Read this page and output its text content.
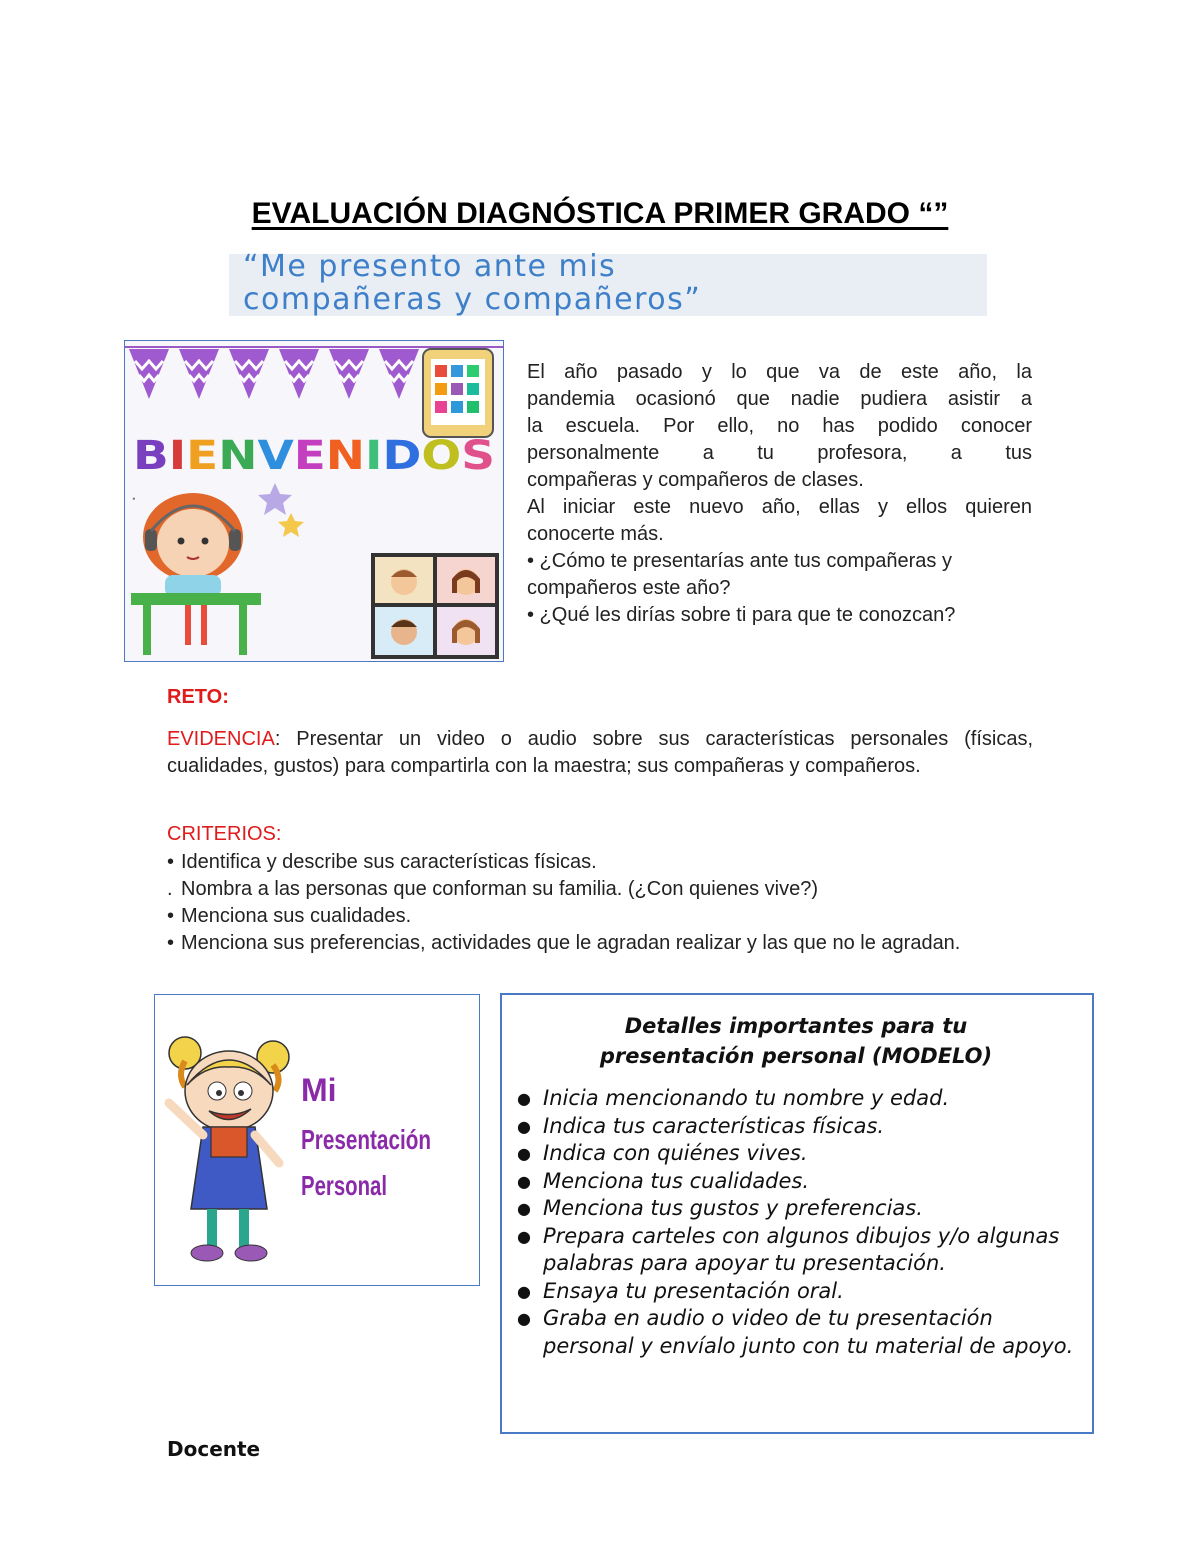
EVALUACIÓN DIAGNÓSTICA PRIMER GRADO “”
“Me presento ante mis
compañeras y compañeros”
B IE N V E N ID O S
•
El año pasado y lo que va de este año, la
pandemia ocasionó que nadie pudiera asistir a
la escuela. Por ello, no has podido conocer
personalmente a tu profesora, a tus
compañeras y compañeros de clases.
Al iniciar este nuevo año, ellas y ellos quieren
conocerte más.
• ¿Cómo te presentarías ante tus compañeras y
compañeros este año?
• ¿Qué les dirías sobre ti para que te conozcan?
RETO:
EVIDENCIA: Presentar un video o audio sobre sus características personales (físicas, cualidades, gustos) para compartirla con la maestra; sus compañeras y compañeros.
CRITERIOS:
• Identifica y describe sus características físicas.
. Nombra a las personas que conforman su familia. (¿Con quienes vive?)
• Menciona sus cualidades.
• Menciona sus preferencias, actividades que le agradan realizar y las que no le agradan.
Mi
Presentación
Personal
Detalles importantes para tu
presentación personal (MODELO)
● Inicia mencionando tu nombre y edad.
● Indica tus características físicas.
● Indica con quiénes vives.
● Menciona tus cualidades.
● Menciona tus gustos y preferencias.
● Prepara carteles con algunos dibujos y/o algunas palabras para apoyar tu presentación.
● Ensaya tu presentación oral.
● Graba en audio o video de tu presentación personal y envíalo junto con tu material de apoyo.
Docente
